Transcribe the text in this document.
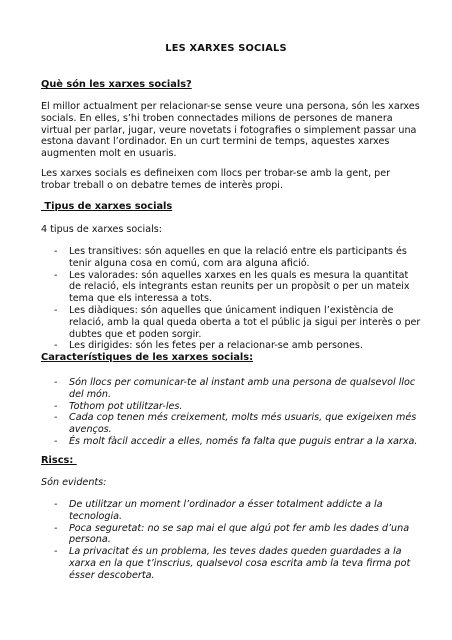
LES XARXES SOCIALS
Què són les xarxes socials?

El millor actualment per relacionar-se sense veure una persona, són les xarxes socials. En elles, s’hi troben connectades milions de persones de manera virtual per parlar, jugar, veure novetats i fotografies o simplement passar una estona davant l’ordinador. En un curt termini de temps, aquestes xarxes augmenten molt en usuaris.

Les xarxes socials es defineixen com llocs per trobar-se amb la gent, per trobar treball o on debatre temes de interès propi.

Tipus de xarxes socials

4 tipus de xarxes socials:

- Les transitives: són aquelles en que la relació entre els participants és tenir alguna cosa en comú, com ara alguna afició.
- Les valorades: són aquelles xarxes en les quals es mesura la quantitat de relació, els integrants estan reunits per un propòsit o per un mateix tema que els interessa a tots.
- Les diàdiques: són aquelles que únicament indiquen l’existència de relació, amb la qual queda oberta a tot el públic ja sigui per interès o per dubtes que et poden sorgir.
- Les dirigides: són les fetes per a relacionar-se amb persones.
Característiques de les xarxes socials:
- Són llocs per comunicar-te al instant amb una persona de qualsevol lloc del món.
- Tothom pot utilitzar-les.
- Cada cop tenen més creixement, molts més usuaris, que exigeixen més avenços.
- És molt fàcil accedir a elles, només fa falta que puguis entrar a la xarxa.
Riscs:

Són evidents:

- De utilitzar un moment l’ordinador a ésser totalment addicte a la tecnologia.
- Poca seguretat: no se sap mai el que algú pot fer amb les dades d’una persona.
- La privacitat és un problema, les teves dades queden guardades a la xarxa en la que t’inscrius, qualsevol cosa escrita amb la teva firma pot ésser descoberta.
